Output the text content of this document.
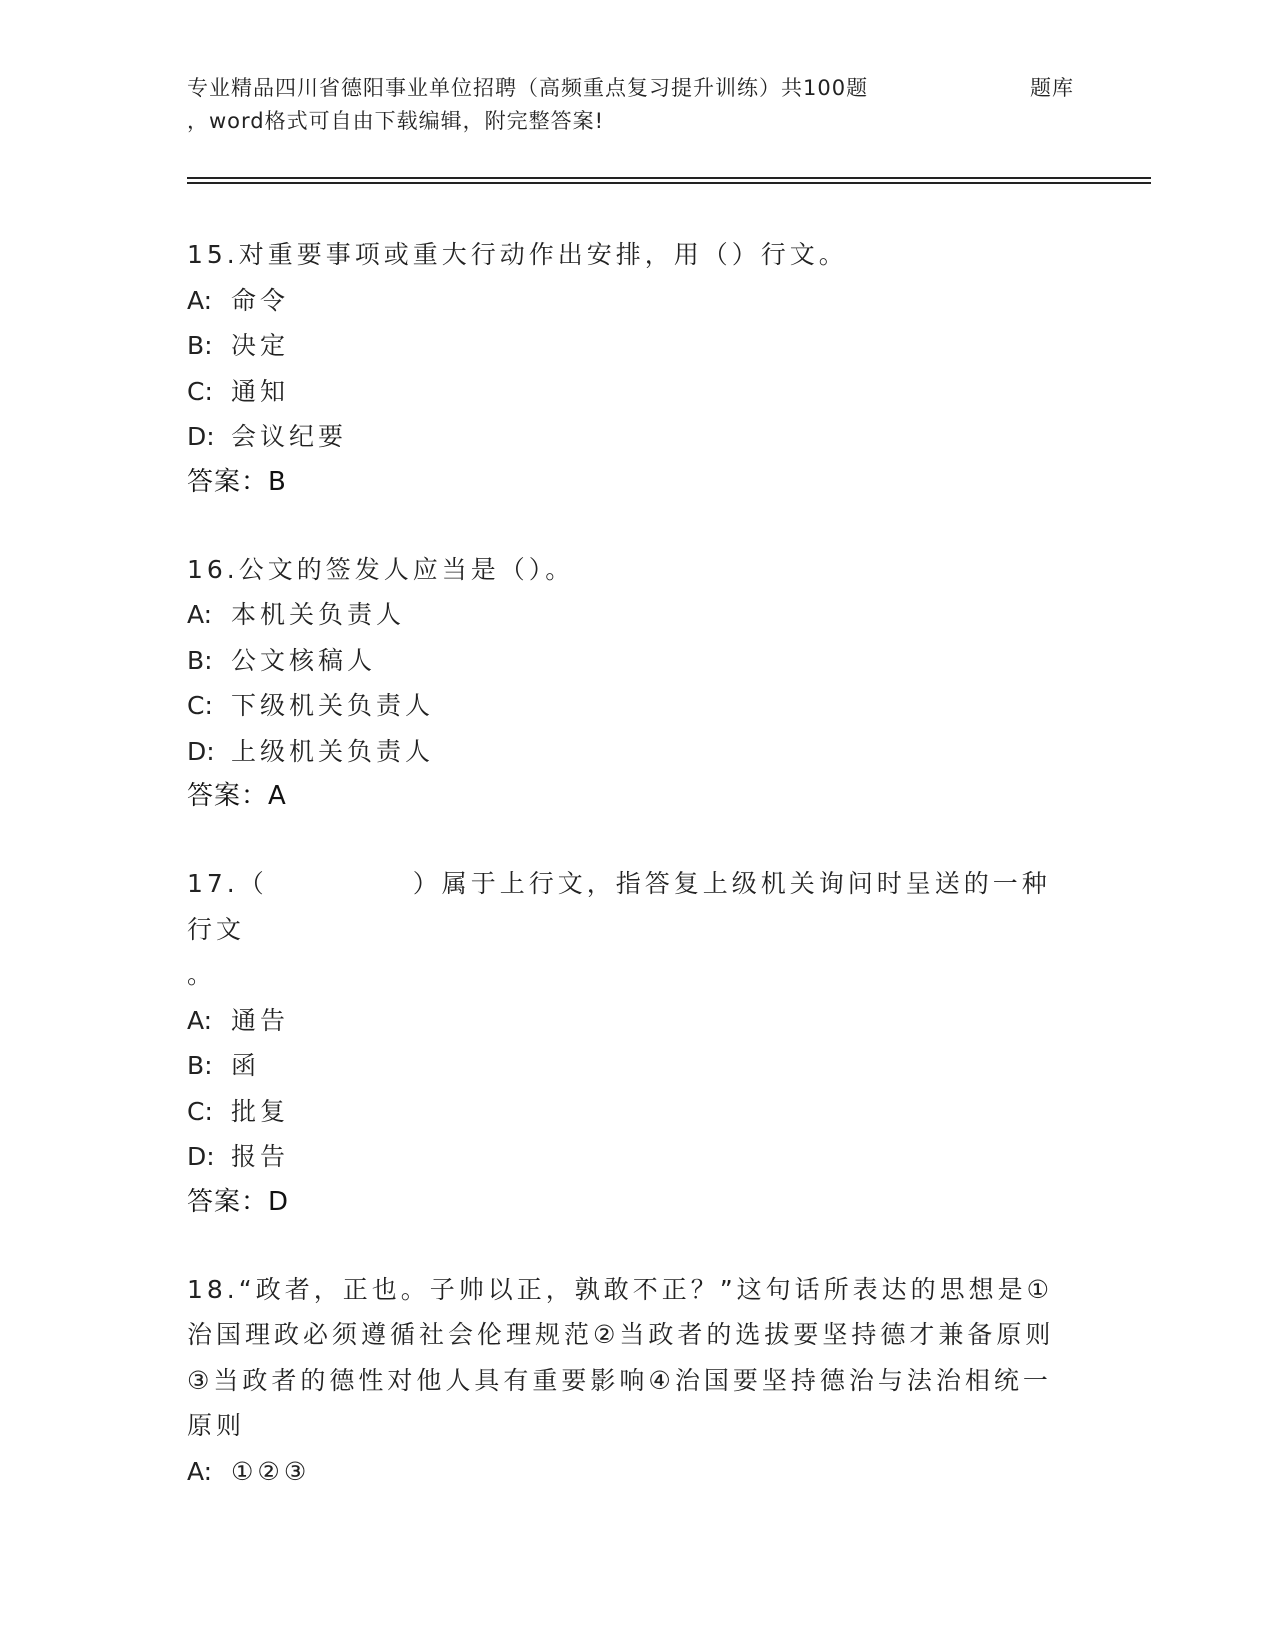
专业精品四川省德阳事业单位招聘（高频重点复习提升训练）共100题
，word格式可自由下载编辑，附完整答案!
题库
15.对重要事项或重大行动作出安排，用（）行文。
A: 命令
B: 决定
C: 通知
D: 会议纪要
答案：B
16.公文的签发人应当是（）。
A: 本机关负责人
B: 公文核稿人
C: 下级机关负责人
D: 上级机关负责人
答案：A
17.（　　　　　）属于上行文，指答复上级机关询问时呈送的一种行文
。
A: 通告
B: 函
C: 批复
D: 报告
答案：D
18.“政者，正也。子帅以正，孰敢不正？”这句话所表达的思想是①
治国理政必须遵循社会伦理规范②当政者的选拔要坚持德才兼备原则
③当政者的德性对他人具有重要影响④治国要坚持德治与法治相统一
原则
A: ①②③
